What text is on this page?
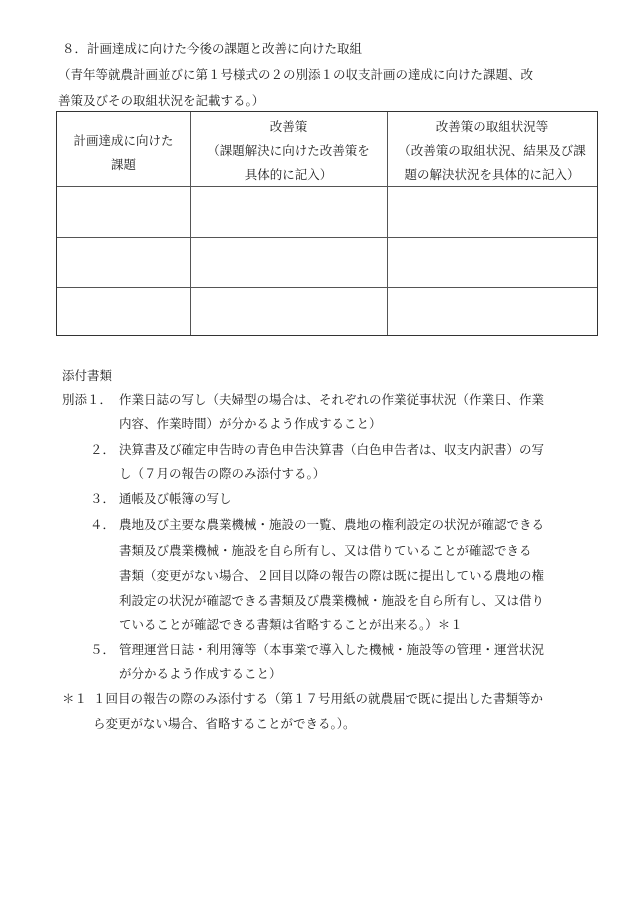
８．計画達成に向けた今後の課題と改善に向けた取組
（青年等就農計画並びに第１号様式の２の別添１の収支計画の達成に向けた課題、改
善策及びその取組状況を記載する。）
計画達成に向けた
課題
改善策
（課題解決に向けた改善策を
具体的に記入）
改善策の取組状況等
（改善策の取組状況、結果及び課
題の解決状況を具体的に記入）
添付書類
別添１． 作業日誌の写し（夫婦型の場合は、それぞれの作業従事状況（作業日、作業
内容、作業時間）が分かるよう作成すること）
２． 決算書及び確定申告時の青色申告決算書（白色申告者は、収支内訳書）の写
し（７月の報告の際のみ添付する。）
３． 通帳及び帳簿の写し
４． 農地及び主要な農業機械・施設の一覧、農地の権利設定の状況が確認できる
書類及び農業機械・施設を自ら所有し、又は借りていることが確認できる
書類（変更がない場合、２回目以降の報告の際は既に提出している農地の権
利設定の状況が確認できる書類及び農業機械・施設を自ら所有し、又は借り
ていることが確認できる書類は省略することが出来る。）＊１
５． 管理運営日誌・利用簿等（本事業で導入した機械・施設等の管理・運営状況
が分かるよう作成すること）
＊１ １回目の報告の際のみ添付する（第１７号用紙の就農届で既に提出した書類等か
ら変更がない場合、省略することができる。）。
